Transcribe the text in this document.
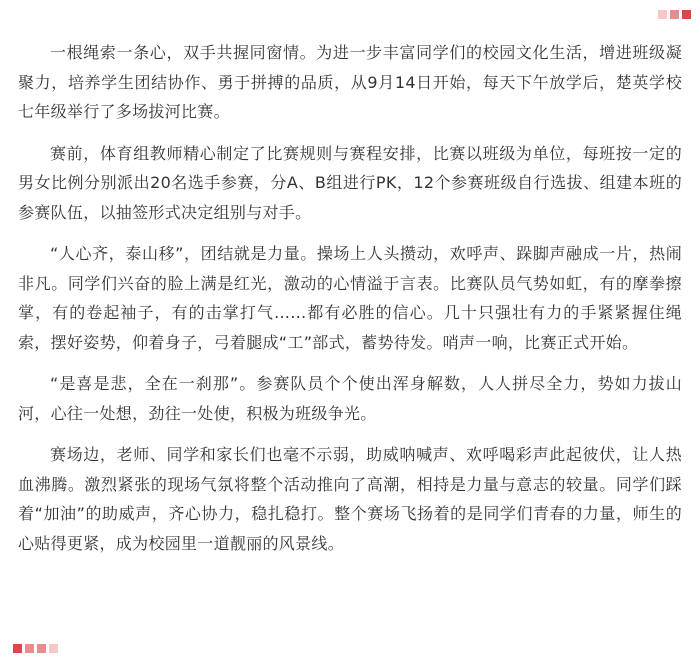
一根绳索一条心，双手共握同窗情。为进一步丰富同学们的校园文化生活，增进班级凝聚力，培养学生团结协作、勇于拼搏的品质，从9月14日开始，每天下午放学后，楚英学校七年级举行了多场拔河比赛。

赛前，体育组教师精心制定了比赛规则与赛程安排，比赛以班级为单位，每班按一定的男女比例分别派出20名选手参赛，分A、B组进行PK，12个参赛班级自行选拔、组建本班的参赛队伍，以抽签形式决定组别与对手。

“人心齐，泰山移”，团结就是力量。操场上人头攒动，欢呼声、跺脚声融成一片，热闹非凡。同学们兴奋的脸上满是红光，激动的心情溢于言表。比赛队员气势如虹，有的摩拳擦掌，有的卷起袖子，有的击掌打气……都有必胜的信心。几十只强壮有力的手紧紧握住绳索，摆好姿势，仰着身子，弓着腿成“工”部式，蓄势待发。哨声一响，比赛正式开始。

“是喜是悲，全在一刹那”。参赛队员个个使出浑身解数，人人拼尽全力，势如力拔山河，心往一处想，劲往一处使，积极为班级争光。

赛场边，老师、同学和家长们也毫不示弱，助威呐喊声、欢呼喝彩声此起彼伏，让人热血沸腾。激烈紧张的现场气氛将整个活动推向了高潮，相持是力量与意志的较量。同学们踩着“加油”的助威声，齐心协力，稳扎稳打。整个赛场飞扬着的是同学们青春的力量，师生的心贴得更紧，成为校园里一道靓丽的风景线。
